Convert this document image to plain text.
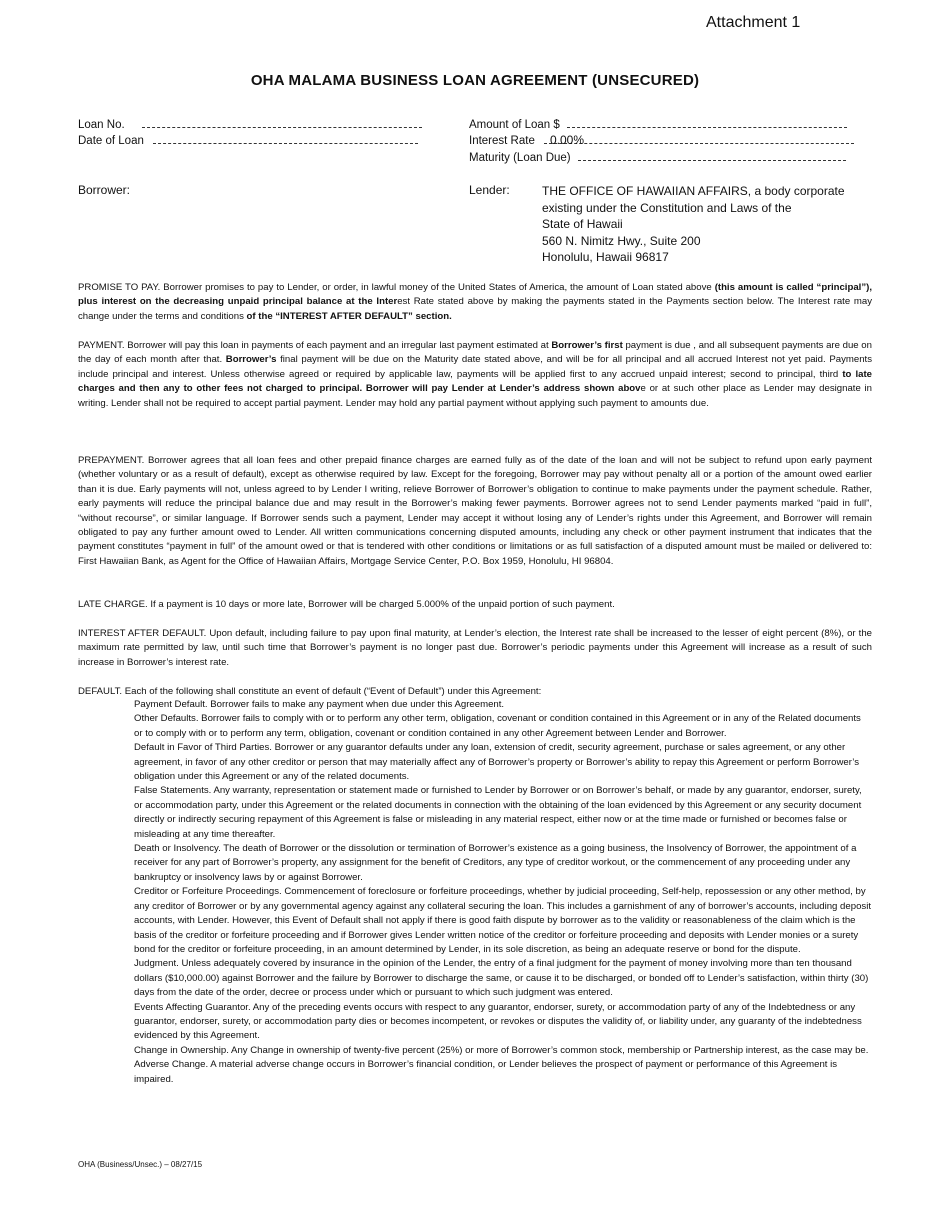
Attachment 1
OHA MALAMA BUSINESS LOAN AGREEMENT (UNSECURED)
Loan No.
Date of Loan
Amount of Loan $
Interest Rate	0.00%
Maturity (Loan Due)
Borrower:	Lender:	THE OFFICE OF HAWAIIAN AFFAIRS, a body corporate
existing under the Constitution and Laws of the
State of Hawaii
560 N. Nimitz Hwy., Suite 200
Honolulu, Hawaii 96817
PROMISE TO PAY. Borrower promises to pay to Lender, or order, in lawful money of the United States of America, the amount of Loan stated above (this amount is called “principal”), plus interest on the decreasing unpaid principal balance at the Interest Rate stated above by making the payments stated in the Payments section below. The Interest rate may change under the terms and conditions of the “INTEREST AFTER DEFAULT” section.
PAYMENT. Borrower will pay this loan in payments of each payment and an irregular last payment estimated at Borrower’s first payment is due , and all subsequent payments are due on the day of each month after that. Borrower’s final payment will be due on the Maturity date stated above, and will be for all principal and all accrued Interest not yet paid. Payments include principal and interest. Unless otherwise agreed or required by applicable law, payments will be applied first to any accrued unpaid interest; second to principal, third to late charges and then any to other fees not charged to principal. Borrower will pay Lender at Lender’s address shown above or at such other place as Lender may designate in writing. Lender shall not be required to accept partial payment. Lender may hold any partial payment without applying such payment to amounts due.
PREPAYMENT. Borrower agrees that all loan fees and other prepaid finance charges are earned fully as of the date of the loan and will not be subject to refund upon early payment (whether voluntary or as a result of default), except as otherwise required by law. Except for the foregoing, Borrower may pay without penalty all or a portion of the amount owed earlier than it is due. Early payments will not, unless agreed to by Lender I writing, relieve Borrower of Borrower’s obligation to continue to make payments under the payment schedule. Rather, early payments will reduce the principal balance due and may result in the Borrower’s making fewer payments. Borrower agrees not to send Lender payments marked “paid in full”, “without recourse”, or similar language. If Borrower sends such a payment, Lender may accept it without losing any of Lender’s rights under this Agreement, and Borrower will remain obligated to pay any further amount owed to Lender. All written communications concerning disputed amounts, including any check or other payment instrument that indicates that the payment constitutes “payment in full” of the amount owed or that is tendered with other conditions or limitations or as full satisfaction of a disputed amount must be mailed or delivered to: First Hawaiian Bank, as Agent for the Office of Hawaiian Affairs, Mortgage Service Center, P.O. Box 1959, Honolulu, HI 96804.
LATE CHARGE. If a payment is 10 days or more late, Borrower will be charged 5.000% of the unpaid portion of such payment.
INTEREST AFTER DEFAULT. Upon default, including failure to pay upon final maturity, at Lender’s election, the Interest rate shall be increased to the lesser of eight percent (8%), or the maximum rate permitted by law, until such time that Borrower’s payment is no longer past due. Borrower’s periodic payments under this Agreement will increase as a result of such increase in Borrower’s interest rate.
DEFAULT. Each of the following shall constitute an event of default (“Event of Default”) under this Agreement:
Payment Default. Borrower fails to make any payment when due under this Agreement.
Other Defaults. Borrower fails to comply with or to perform any other term, obligation, covenant or condition contained in this Agreement or in any of the Related documents or to comply with or to perform any term, obligation, covenant or condition contained in any other Agreement between Lender and Borrower.
Default in Favor of Third Parties. Borrower or any guarantor defaults under any loan, extension of credit, security agreement, purchase or sales agreement, or any other agreement, in favor of any other creditor or person that may materially affect any of Borrower’s property or Borrower’s ability to repay this Agreement or perform Borrower’s obligation under this Agreement or any of the related documents.
False Statements. Any warranty, representation or statement made or furnished to Lender by Borrower or on Borrower’s behalf, or made by any guarantor, endorser, surety, or accommodation party, under this Agreement or the related documents in connection with the obtaining of the loan evidenced by this Agreement or any security document directly or indirectly securing repayment of this Agreement is false or misleading in any material respect, either now or at the time made or furnished or becomes false or misleading at any time thereafter.
Death or Insolvency. The death of Borrower or the dissolution or termination of Borrower’s existence as a going business, the Insolvency of Borrower, the appointment of a receiver for any part of Borrower’s property, any assignment for the benefit of Creditors, any type of creditor workout, or the commencement of any proceeding under any bankruptcy or insolvency laws by or against Borrower.
Creditor or Forfeiture Proceedings. Commencement of foreclosure or forfeiture proceedings, whether by judicial proceeding, Self-help, repossession or any other method, by any creditor of Borrower or by any governmental agency against any collateral securing the loan. This includes a garnishment of any of borrower’s accounts, including deposit accounts, with Lender. However, this Event of Default shall not apply if there is good faith dispute by borrower as to the validity or reasonableness of the claim which is the basis of the creditor or forfeiture proceeding and if Borrower gives Lender written notice of the creditor or forfeiture proceeding and deposits with Lender monies or a surety bond for the creditor or forfeiture proceeding, in an amount determined by Lender, in its sole discretion, as being an adequate reserve or bond for the dispute.
Judgment. Unless adequately covered by insurance in the opinion of the Lender, the entry of a final judgment for the payment of money involving more than ten thousand dollars ($10,000.00) against Borrower and the failure by Borrower to discharge the same, or cause it to be discharged, or bonded off to Lender’s satisfaction, within thirty (30) days from the date of the order, decree or process under which or pursuant to which such judgment was entered.
Events Affecting Guarantor. Any of the preceding events occurs with respect to any guarantor, endorser, surety, or accommodation party of any of the Indebtedness or any guarantor, endorser, surety, or accommodation party dies or becomes incompetent, or revokes or disputes the validity of, or liability under, any guaranty of the indebtedness evidenced by this Agreement.
Change in Ownership. Any Change in ownership of twenty-five percent (25%) or more of Borrower’s common stock, membership or Partnership interest, as the case may be.
Adverse Change. A material adverse change occurs in Borrower’s financial condition, or Lender believes the prospect of payment or performance of this Agreement is impaired.
OHA (Business/Unsec.) – 08/27/15
